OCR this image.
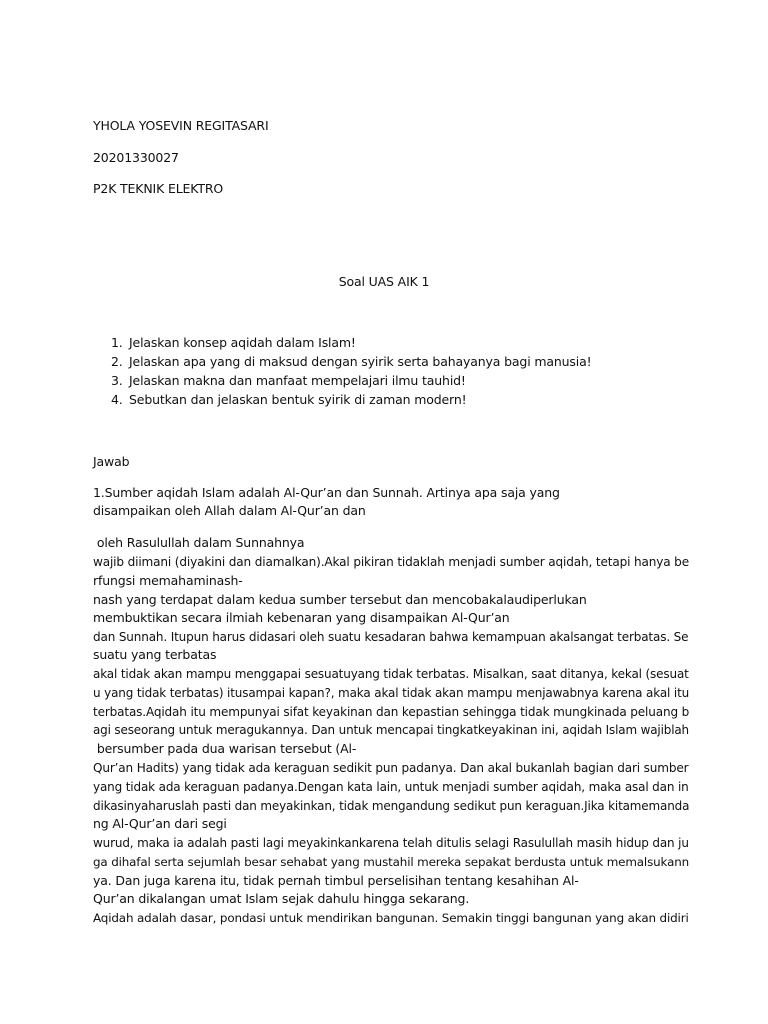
YHOLA YOSEVIN REGITASARI
20201330027
P2K TEKNIK ELEKTRO
Soal UAS AIK 1
1. Jelaskan konsep aqidah dalam Islam!
2. Jelaskan apa yang di maksud dengan syirik serta bahayanya bagi manusia!
3. Jelaskan makna dan manfaat mempelajari ilmu tauhid!
4. Sebutkan dan jelaskan bentuk syirik di zaman modern!
Jawab
1.Sumber aqidah Islam adalah Al-Qur’an dan Sunnah. Artinya apa saja yang
disampaikan oleh Allah dalam Al-Qur’an dan
oleh Rasulullah dalam Sunnahnya
wajib diimani (diyakini dan diamalkan).Akal pikiran tidaklah menjadi sumber aqidah, tetapi hanya be
rfungsi memahaminash-
nash yang terdapat dalam kedua sumber tersebut dan mencobakalaudiperlukan
membuktikan secara ilmiah kebenaran yang disampaikan Al-Qur’an
dan Sunnah. Itupun harus didasari oleh suatu kesadaran bahwa kemampuan akalsangat terbatas. Se
suatu yang terbatas
akal tidak akan mampu menggapai sesuatuyang tidak terbatas. Misalkan, saat ditanya, kekal (sesuat
u yang tidak terbatas) itusampai kapan?, maka akal tidak akan mampu menjawabnya karena akal itu
terbatas.Aqidah itu mempunyai sifat keyakinan dan kepastian sehingga tidak mungkinada peluang b
agi seseorang untuk meragukannya. Dan untuk mencapai tingkatkeyakinan ini, aqidah Islam wajiblah
bersumber pada dua warisan tersebut (Al-
Qur’an Hadits) yang tidak ada keraguan sedikit pun padanya. Dan akal bukanlah bagian dari sumber
yang tidak ada keraguan padanya.Dengan kata lain, untuk menjadi sumber aqidah, maka asal dan in
dikasinyaharuslah pasti dan meyakinkan, tidak mengandung sedikut pun keraguan.Jika kitamemanda
ng Al-Qur’an dari segi
wurud, maka ia adalah pasti lagi meyakinkankarena telah ditulis selagi Rasulullah masih hidup dan ju
ga dihafal serta sejumlah besar sehabat yang mustahil mereka sepakat berdusta untuk memalsukann
ya. Dan juga karena itu, tidak pernah timbul perselisihan tentang kesahihan Al-
Qur’an dikalangan umat Islam sejak dahulu hingga sekarang.
Aqidah adalah dasar, pondasi untuk mendirikan bangunan. Semakin tinggi bangunan yang akan didiri
